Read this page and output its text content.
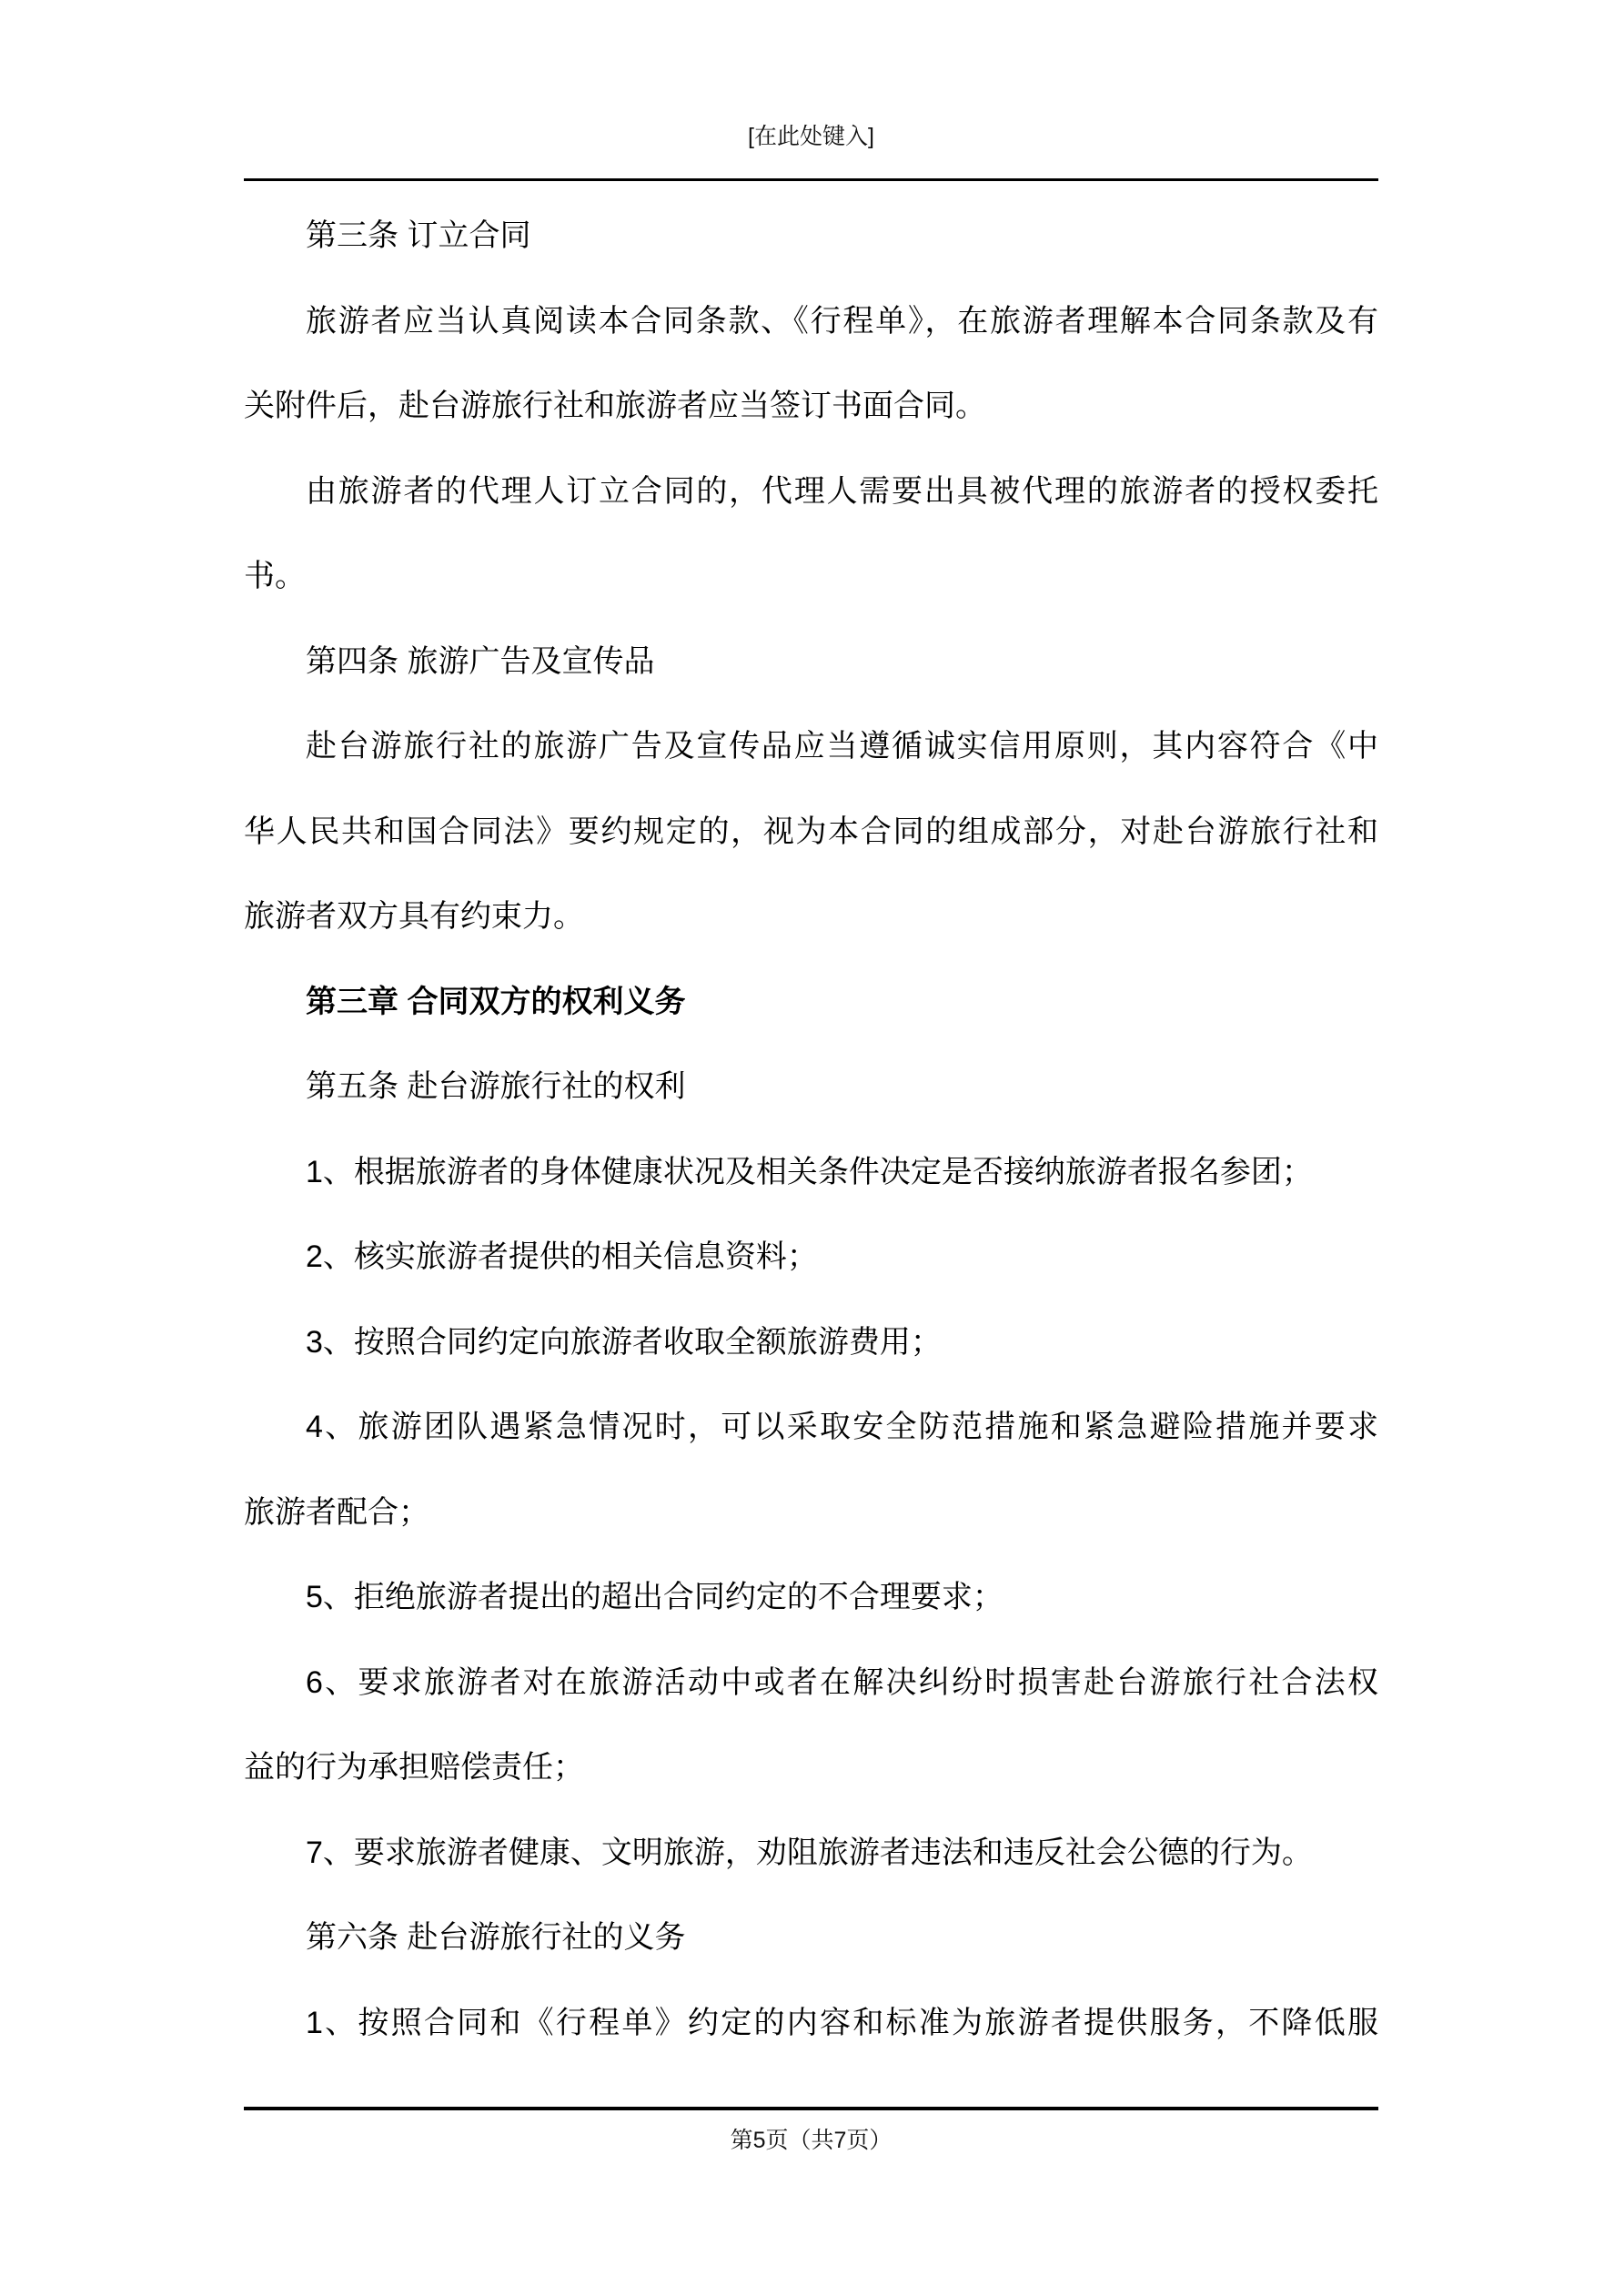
[在此处键入]
第三条 订立合同
旅游者应当认真阅读本合同条款、《行程单》，在旅游者理解本合同条款及有
关附件后，赴台游旅行社和旅游者应当签订书面合同。
由旅游者的代理人订立合同的，代理人需要出具被代理的旅游者的授权委托
书。
第四条 旅游广告及宣传品
赴台游旅行社的旅游广告及宣传品应当遵循诚实信用原则，其内容符合《中
华人民共和国合同法》要约规定的，视为本合同的组成部分，对赴台游旅行社和
旅游者双方具有约束力。
第三章 合同双方的权利义务
第五条 赴台游旅行社的权利
1、根据旅游者的身体健康状况及相关条件决定是否接纳旅游者报名参团；
2、核实旅游者提供的相关信息资料；
3、按照合同约定向旅游者收取全额旅游费用；
4、旅游团队遇紧急情况时，可以采取安全防范措施和紧急避险措施并要求
旅游者配合；
5、拒绝旅游者提出的超出合同约定的不合理要求；
6、要求旅游者对在旅游活动中或者在解决纠纷时损害赴台游旅行社合法权
益的行为承担赔偿责任；
7、要求旅游者健康、文明旅游，劝阻旅游者违法和违反社会公德的行为。
第六条 赴台游旅行社的义务
1、按照合同和《行程单》约定的内容和标准为旅游者提供服务，不降低服
第5页（共7页）
